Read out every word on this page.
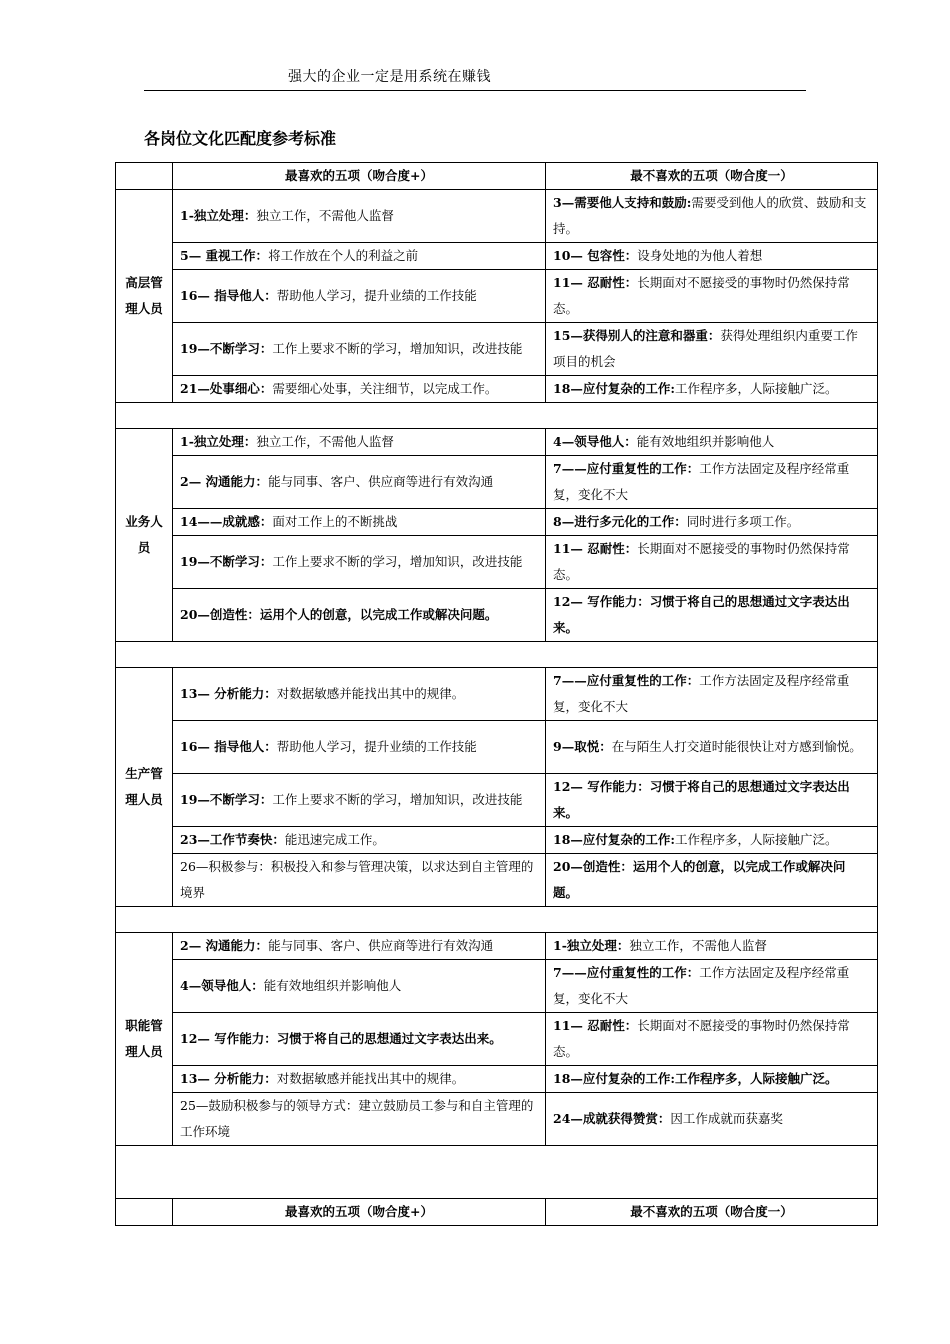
强大的企业一定是用系统在赚钱
各岗位文化匹配度参考标准
	最喜欢的五项（吻合度+）	最不喜欢的五项（吻合度一）
高层管理人员	1-独立处理：独立工作，不需他人监督	3—需要他人支持和鼓励:需要受到他人的欣赏、鼓励和支持。
	5— 重视工作：将工作放在个人的利益之前	10— 包容性：设身处地的为他人着想
	16— 指导他人：帮助他人学习，提升业绩的工作技能	11— 忍耐性：长期面对不愿接受的事物时仍然保持常态。
	19—不断学习：工作上要求不断的学习，增加知识，改进技能	15—获得别人的注意和器重：获得处理组织内重要工作项目的机会
	21—处事细心：需要细心处事，关注细节，以完成工作。	18—应付复杂的工作:工作程序多，人际接触广泛。

业务人员	1-独立处理：独立工作，不需他人监督	4—领导他人：能有效地组织并影响他人
	2— 沟通能力：能与同事、客户、供应商等进行有效沟通	7——应付重复性的工作：工作方法固定及程序经常重复，变化不大
	14——成就感：面对工作上的不断挑战	8—进行多元化的工作：同时进行多项工作。
	19—不断学习：工作上要求不断的学习，增加知识，改进技能	11— 忍耐性：长期面对不愿接受的事物时仍然保持常态。
	20—创造性：运用个人的创意，以完成工作或解决问题。	12— 写作能力：习惯于将自己的思想通过文字表达出来。

生产管理人员	13— 分析能力：对数据敏感并能找出其中的规律。	7——应付重复性的工作：工作方法固定及程序经常重复，变化不大
	16— 指导他人：帮助他人学习，提升业绩的工作技能	9—取悦：在与陌生人打交道时能很快让对方感到愉悦。
	19—不断学习：工作上要求不断的学习，增加知识，改进技能	12— 写作能力：习惯于将自己的思想通过文字表达出来。
	23—工作节奏快：能迅速完成工作。	18—应付复杂的工作:工作程序多，人际接触广泛。
	26—积极参与：积极投入和参与管理决策，以求达到自主管理的境界	20—创造性：运用个人的创意，以完成工作或解决问题。

职能管理人员	2— 沟通能力：能与同事、客户、供应商等进行有效沟通	1-独立处理：独立工作，不需他人监督
	4—领导他人：能有效地组织并影响他人	7——应付重复性的工作：工作方法固定及程序经常重复，变化不大
	12— 写作能力：习惯于将自己的思想通过文字表达出来。	11— 忍耐性：长期面对不愿接受的事物时仍然保持常态。
	13— 分析能力：对数据敏感并能找出其中的规律。	18—应付复杂的工作:工作程序多，人际接触广泛。
	25—鼓励积极参与的领导方式：建立鼓励员工参与和自主管理的工作环境	24—成就获得赞赏：因工作成就而获嘉奖

	最喜欢的五项（吻合度+）	最不喜欢的五项（吻合度一）
